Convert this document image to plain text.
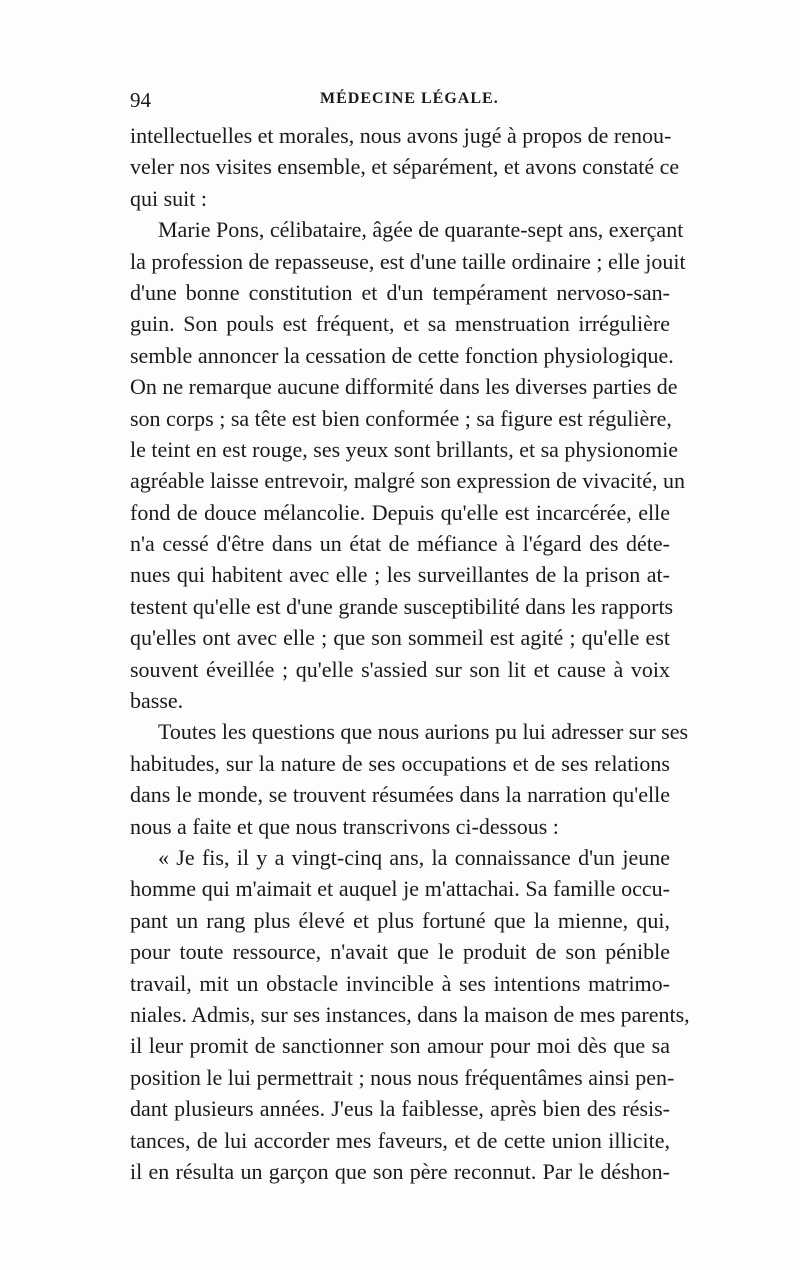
94	MÉDECINE LÉGALE.
intellectuelles et morales, nous avons jugé à propos de renou-
veler nos visites ensemble, et séparément, et avons constaté ce
qui suit :
Marie Pons, célibataire, âgée de quarante-sept ans, exerçant
la profession de repasseuse, est d'une taille ordinaire ; elle jouit
d'une bonne constitution et d'un tempérament nervoso-san-
guin. Son pouls est fréquent, et sa menstruation irrégulière
semble annoncer la cessation de cette fonction physiologique.
On ne remarque aucune difformité dans les diverses parties de
son corps ; sa tête est bien conformée ; sa figure est régulière,
le teint en est rouge, ses yeux sont brillants, et sa physionomie
agréable laisse entrevoir, malgré son expression de vivacité, un
fond de douce mélancolie. Depuis qu'elle est incarcérée, elle
n'a cessé d'être dans un état de méfiance à l'égard des déte-
nues qui habitent avec elle ; les surveillantes de la prison at-
testent qu'elle est d'une grande susceptibilité dans les rapports
qu'elles ont avec elle ; que son sommeil est agité ; qu'elle est
souvent éveillée ; qu'elle s'assied sur son lit et cause à voix
basse.
Toutes les questions que nous aurions pu lui adresser sur ses
habitudes, sur la nature de ses occupations et de ses relations
dans le monde, se trouvent résumées dans la narration qu'elle
nous a faite et que nous transcrivons ci-dessous :
« Je fis, il y a vingt-cinq ans, la connaissance d'un jeune
homme qui m'aimait et auquel je m'attachai. Sa famille occu-
pant un rang plus élevé et plus fortuné que la mienne, qui,
pour toute ressource, n'avait que le produit de son pénible
travail, mit un obstacle invincible à ses intentions matrimo-
niales. Admis, sur ses instances, dans la maison de mes parents,
il leur promit de sanctionner son amour pour moi dès que sa
position le lui permettrait ; nous nous fréquentâmes ainsi pen-
dant plusieurs années. J'eus la faiblesse, après bien des résis-
tances, de lui accorder mes faveurs, et de cette union illicite,
il en résulta un garçon que son père reconnut. Par le déshon-
